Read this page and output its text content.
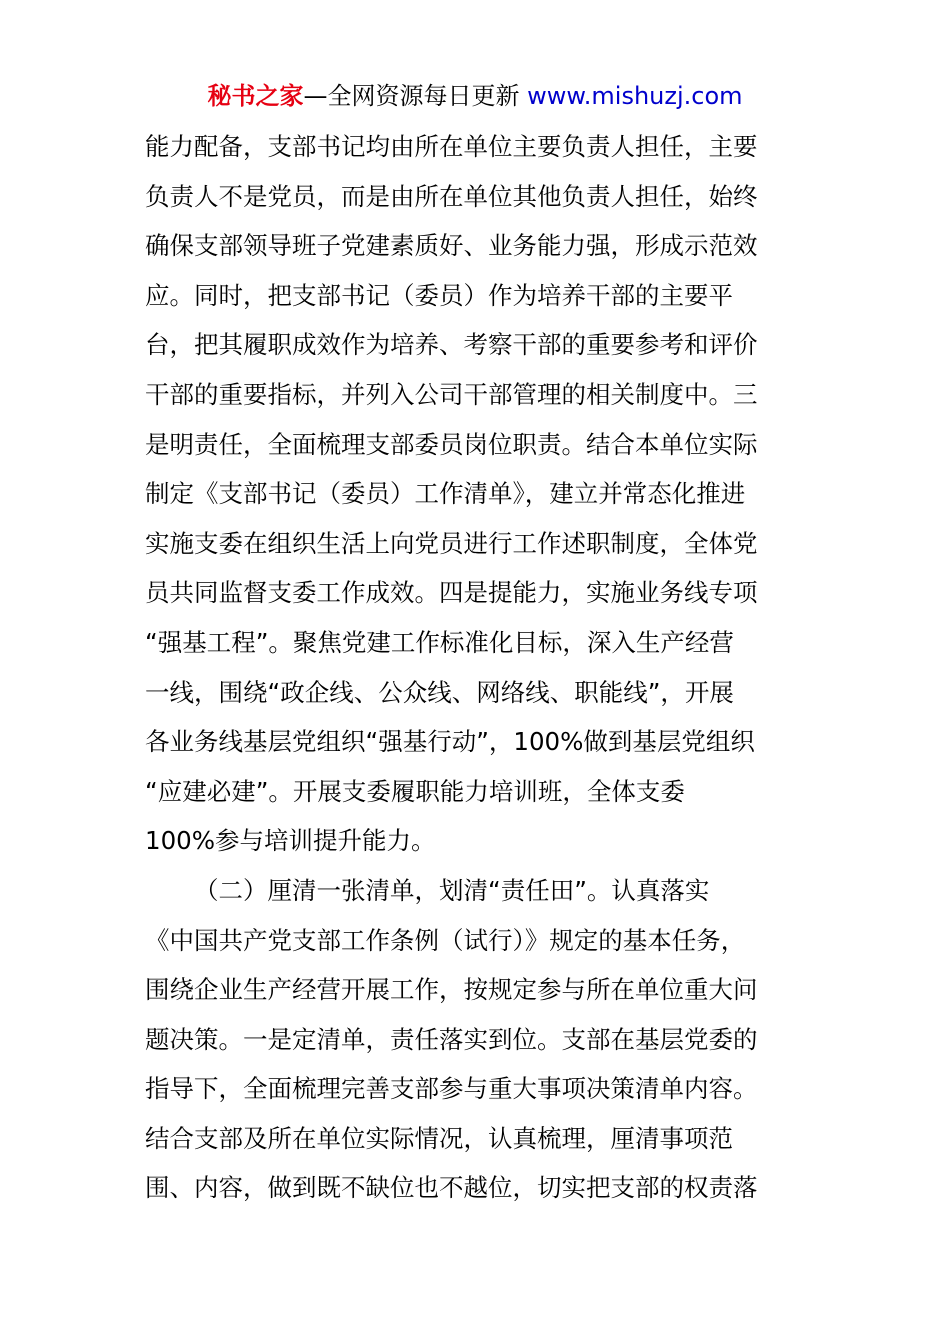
秘书之家—全网资源每日更新 www.mishuzj.com
能力配备，支部书记均由所在单位主要负责人担任，主要
负责人不是党员，而是由所在单位其他负责人担任，始终
确保支部领导班子党建素质好、业务能力强，形成示范效
应。同时，把支部书记（委员）作为培养干部的主要平
台，把其履职成效作为培养、考察干部的重要参考和评价
干部的重要指标，并列入公司干部管理的相关制度中。三
是明责任，全面梳理支部委员岗位职责。结合本单位实际
制定《支部书记（委员）工作清单》，建立并常态化推进
实施支委在组织生活上向党员进行工作述职制度，全体党
员共同监督支委工作成效。四是提能力，实施业务线专项
“强基工程”。聚焦党建工作标准化目标，深入生产经营
一线，围绕“政企线、公众线、网络线、职能线”，开展
各业务线基层党组织“强基行动”，100%做到基层党组织
“应建必建”。开展支委履职能力培训班，全体支委
100%参与培训提升能力。
（二）厘清一张清单，划清“责任田”。认真落实
《中国共产党支部工作条例（试行）》规定的基本任务，
围绕企业生产经营开展工作，按规定参与所在单位重大问
题决策。一是定清单，责任落实到位。支部在基层党委的
指导下，全面梳理完善支部参与重大事项决策清单内容。
结合支部及所在单位实际情况，认真梳理，厘清事项范
围、内容，做到既不缺位也不越位，切实把支部的权责落
